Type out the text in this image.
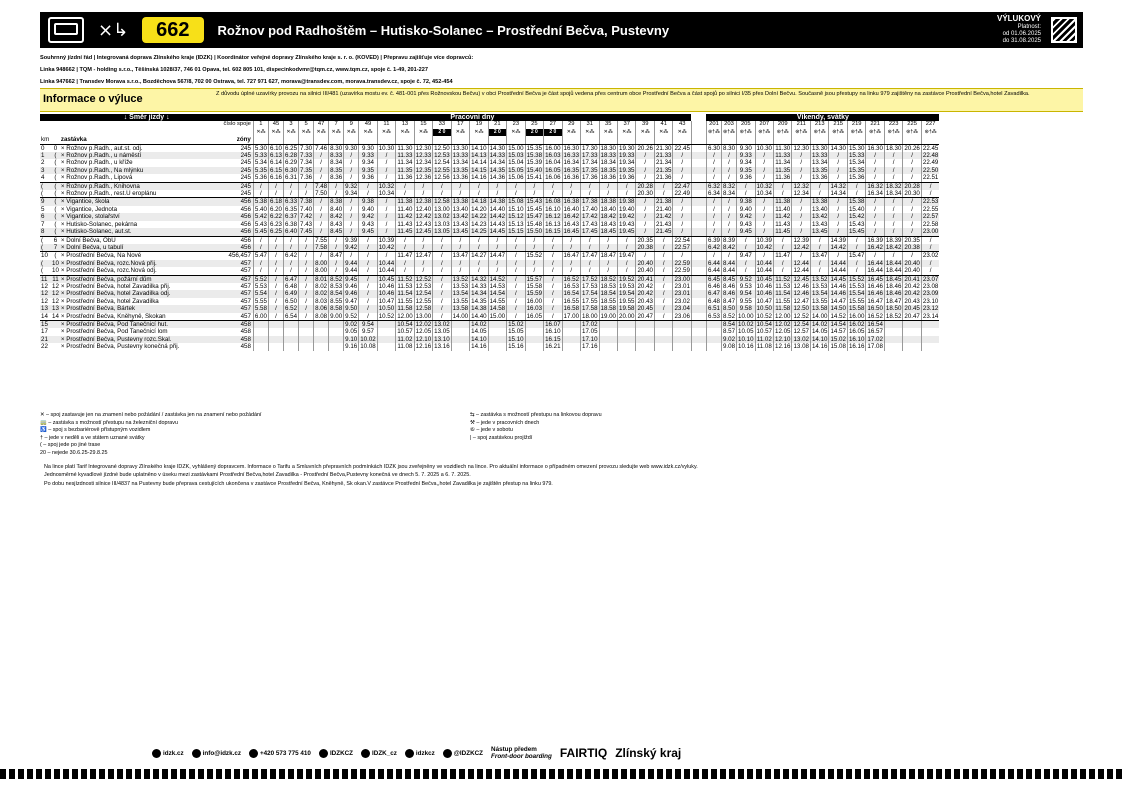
⨯↳	662	Rožnov pod Radhoštěm – Hutisko-Solanec – Prostřední Bečva, Pustevny
VÝLUKOVÝ
Platnost:
od 01.06.2025
do 31.08.2025
Souhrnný jízdní řád | Integrovaná doprava Zlínského kraje (IDZK) | Koordinátor veřejné dopravy Zlínského kraje s. r. o. (KOVED) | Přepravu zajišťuje více dopravců:
Linka 948662 | TQM - holding s.r.o., Těšínská 1028/37, 746 01 Opava, tel. 602 805 101, dispecinkodvmr@tqm.cz, www.tqm.cz, spoje č. 1-49, 201-227
Linka 947662 | Transdev Morava s.r.o., Bozděchova 567/8, 702 00 Ostrava, tel. 727 971 627, morava@transdev.com, morava.transdev.cz, spoje č. 72, 452-454
Informace o výluce	Z důvodu úplné uzavírky provozu na silnici III/481 (uzavírka mostu ev. č. 481-001 přes Rožnovskou Bečvu) v obci Prostřední Bečva je část spojů vedena přes centrum obce Prostřední Bečva a část spojů po silnici I/35 přes Dolní Bečvu. Současně jsou přestupy na linku 979 zajištěny na zastávce Prostřední Bečva,hotel Zavadilka.
↓ Směr jízdy ↓				Pracovní dny																										Víkendy, svátky												
			číslo spoje	1	45	3	5	47	7	9	49	11	13	15	33	17	19	21	23	25	27	29	31	35	37	39	41	43		201	203	205	207	209	211	213	215	219	221	223	225	227
				✕⁂	✕⁂	✕⁂	✕⁂	✕⁂	✕⁂	✕⁂	✕⁂	✕⁂	✕⁂	✕⁂	2 0	✕⁂	✕⁂	2 0	✕⁂	2 0	2 0	✕⁂	✕⁂	✕⁂	✕⁂	✕⁂	✕⁂	✕⁂		⊛†⁂	⊛†⁂	⊛†⁂	⊛†⁂	⊛†⁂	⊛†⁂	⊛†⁂	⊛†⁂	⊛†⁂	⊛†⁂	⊛†⁂	⊛†⁂	⊛†⁂
km		zastávka	zóny																																							
0	0	× Rožnov p.Radh., aut.st. odj.	245	5.30	6.10	6.25	7.30	7.46	8.30	9.30	9.30	10.30	11.30	12.30	12.50	13.30	14.10	14.30	15.00	15.35	16.00	16.30	17.30	18.30	19.30	20.26	21.30	22.45		6.30	8.30	9.30	10.30	11.30	12.30	13.30	14.30	15.30	16.30	18.30	20.26	22.45
1	(	× Rožnov p.Radh., u náměstí	245	5.33	6.13	6.28	7.33	/	8.33	/	9.33	/	11.33	12.33	12.53	13.33	14.13	14.33	15.03	15.38	16.03	16.33	17.33	18.33	19.33	/	21.33	/		/	/	9.33	/	11.33	/	13.33	/	15.33	/	/	/	22.48
2	(	× Rožnov p.Radh., u kříže	245	5.34	6.14	6.29	7.34	/	8.34	/	9.34	/	11.34	12.34	12.54	13.34	14.14	14.34	15.04	15.39	16.04	16.34	17.34	18.34	19.34	/	21.34	/		/	/	9.34	/	11.34	/	13.34	/	15.34	/	/	/	22.49
3	(	× Rožnov p.Radh., Na mlýnku	245	5.35	6.15	6.30	7.35	/	8.35	/	9.35	/	11.35	12.35	12.55	13.35	14.15	14.35	15.05	15.40	16.05	16.35	17.35	18.35	19.35	/	21.35	/		/	/	9.35	/	11.35	/	13.35	/	15.35	/	/	/	22.50
4	(	× Rožnov p.Radh., Lipová	245	5.36	6.16	6.31	7.36	/	8.36	/	9.36	/	11.36	12.36	12.56	13.36	14.16	14.36	15.06	15.41	16.06	16.36	17.36	18.36	19.36	/	21.36	/		/	/	9.36	/	11.36	/	13.36	/	15.36	/	/	/	22.51
(	(	× Rožnov p.Radh., Knihovna	245	/	/	/	/	7.48	/	9.32	/	10.32	/	/	/	/	/	/	/	/	/	/	/	/	/	20.28	/	22.47		6.32	8.32	/	10.32	/	12.32	/	14.32	/	16.32	18.32	20.28	/
(	(	× Rožnov p.Radh., rest.U eroplánu	245	/	/	/	/	7.50	/	9.34	/	10.34	/	/	/	/	/	/	/	/	/	/	/	/	/	20.30	/	22.49		6.34	8.34	/	10.34	/	12.34	/	14.34	/	16.34	18.34	20.30	/
9	(	× Vigantice, škola	456	5.38	6.18	6.33	7.38	/	8.38	/	9.38	/	11.38	12.38	12.58	13.38	14.18	14.38	15.08	15.43	16.08	16.38	17.38	18.38	19.38	/	21.38	/		/	/	9.38	/	11.38	/	13.38	/	15.38	/	/	/	22.53
5	(	× Vigantice, Jednota	456	5.40	6.20	6.35	7.40	/	8.40	/	9.40	/	11.40	12.40	13.00	13.40	14.20	14.40	15.10	15.45	16.10	16.40	17.40	18.40	19.40	/	21.40	/		/	/	9.40	/	11.40	/	13.40	/	15.40	/	/	/	22.55
6	(	× Vigantice, stolařství	456	5.42	6.22	6.37	7.42	/	8.42	/	9.42	/	11.42	12.42	13.02	13.42	14.22	14.42	15.12	15.47	16.12	16.42	17.42	18.42	19.42	/	21.42	/		/	/	9.42	/	11.42	/	13.42	/	15.42	/	/	/	22.57
7	(	× Hutisko-Solanec, pekárna	456	5.43	6.23	6.38	7.43	/	8.43	/	9.43	/	11.43	12.43	13.03	13.43	14.23	14.43	15.13	15.48	16.13	16.43	17.43	18.43	19.43	/	21.43	/		/	/	9.43	/	11.43	/	13.43	/	15.43	/	/	/	22.58
8	(	× Hutisko-Solanec, aut.st.	456	5.45	6.25	6.40	7.45	/	8.45	/	9.45	/	11.45	12.45	13.05	13.45	14.25	14.45	15.15	15.50	16.15	16.45	17.45	18.45	19.45	/	21.45	/		/	/	9.45	/	11.45	/	13.45	/	15.45	/	/	/	23.00
(	6	× Dolní Bečva, ObÚ	456	/	/	/	/	7.55	/	9.39	/	10.39	/	/	/	/	/	/	/	/	/	/	/	/	/	20.35	/	22.54		6.39	8.39	/	10.39	/	12.39	/	14.39	/	16.39	18.39	20.35	/
(	7	× Dolní Bečva, u tabulí	456	/	/	/	/	7.58	/	9.42	/	10.42	/	/	/	/	/	/	/	/	/	/	/	/	/	20.38	/	22.57		6.42	8.42	/	10.42	/	12.42	/	14.42	/	16.42	18.42	20.38	/
10	(	× Prostřední Bečva, Na Nové	456,457	5.47	/	6.42	/	/	8.47	/	/	/	11.47	12.47	/	13.47	14.27	14.47	/	15.52	/	16.47	17.47	18.47	19.47	/	/	/		/	/	9.47	/	11.47	/	13.47	/	15.47	/	/	/	23.02
(	10	× Prostřední Bečva, rozc.Nová přij.	457	/	/	/	/	8.00	/	9.44	/	10.44	/	/	/	/	/	/	/	/	/	/	/	/	/	20.40	/	22.59		6.44	8.44	/	10.44	/	12.44	/	14.44	/	16.44	18.44	20.40	/
(	10	× Prostřední Bečva, rozc.Nová odj.	457	/	/	/	/	8.00	/	9.44	/	10.44	/	/	/	/	/	/	/	/	/	/	/	/	/	20.40	/	22.59		6.44	8.44	/	10.44	/	12.44	/	14.44	/	16.44	18.44	20.40	/
11	11	× Prostřední Bečva, požární dům	457	5.52	/	6.47	/	8.01	8.52	9.45	/	10.45	11.52	12.52	/	13.52	14.32	14.52	/	15.57	/	16.52	17.52	18.52	19.52	20.41	/	23.00		6.45	8.45	9.52	10.45	11.52	12.45	13.52	14.45	15.52	16.45	18.45	20.41	23.07
12	12	× Prostřední Bečva, hotel Zavadilka přij.	457	5.53	/	6.48	/	8.02	8.53	9.46	/	10.46	11.53	12.53	/	13.53	14.33	14.53	/	15.58	/	16.53	17.53	18.53	19.53	20.42	/	23.01		6.46	8.46	9.53	10.46	11.53	12.46	13.53	14.46	15.53	16.46	18.46	20.42	23.08
12	12	× Prostřední Bečva, hotel Zavadilka odj.	457	5.54	/	6.49	/	8.02	8.54	9.46	/	10.46	11.54	12.54	/	13.54	14.34	14.54	/	15.59	/	16.54	17.54	18.54	19.54	20.42	/	23.01		6.47	8.46	9.54	10.46	11.54	12.46	13.54	14.46	15.54	16.46	18.46	20.42	23.09
12	12	× Prostřední Bečva, hotel Zavadilka	457	5.55	/	6.50	/	8.03	8.55	9.47	/	10.47	11.55	12.55	/	13.55	14.35	14.55	/	16.00	/	16.55	17.55	18.55	19.55	20.43	/	23.02		6.48	8.47	9.55	10.47	11.55	12.47	13.55	14.47	15.55	16.47	18.47	20.43	23.10
13	13	× Prostřední Bečva, Bártek	457	5.58	/	6.52	/	8.06	8.58	9.50	/	10.50	11.58	12.58	/	13.58	14.38	14.58	/	16.03	/	16.58	17.58	18.58	19.58	20.45	/	23.04		6.51	8.50	9.58	10.50	11.58	12.50	13.58	14.50	15.58	16.50	18.50	20.45	23.12
14	14	× Prostřední Bečva, Kněhyně, Skokan	457	6.00	/	6.54	/	8.08	9.00	9.52	/	10.52	12.00	13.00	/	14.00	14.40	15.00	/	16.05	/	17.00	18.00	19.00	20.00	20.47	/	23.06		6.53	8.52	10.00	10.52	12.00	12.52	14.00	14.52	16.00	16.52	18.52	20.47	23.14
15		× Prostřední Bečva, Pod Tanečnicí hut.	458							9.02	9.54		10.54	12.02	13.02		14.02		15.02		16.07		17.02								8.54	10.02	10.54	12.02	12.54	14.02	14.54	16.02	16.54			
17		× Prostřední Bečva, Pod Tanečnicí lom	458							9.05	9.57		10.57	12.05	13.05		14.05		15.05		16.10		17.05								8.57	10.05	10.57	12.05	12.57	14.05	14.57	16.05	16.57			
21		× Prostřední Bečva, Pustevny rozc.Skal.	458							9.10	10.02		11.02	12.10	13.10		14.10		15.10		16.15		17.10								9.02	10.10	11.02	12.10	13.02	14.10	15.02	16.10	17.02			
22		× Prostřední Bečva, Pustevny konečná přij.	458							9.16	10.08		11.08	12.16	13.16		14.16		15.16		16.21		17.16								9.08	10.16	11.08	12.16	13.08	14.16	15.08	16.16	17.08			
✕ – spoj zastavuje jen na znamení nebo požádání / zastávka jen na znamení nebo požádání
🚃 – zastávka s možností přestupu na železniční dopravu
♿ – spoj s bezbariérově přístupným vozidlem
† – jede v neděli a ve státem uznané svátky
( – spoj jede po jiné trase
20 – nejede 30.6.25-29.8.25
⇆ – zastávka s možností přestupu na linkovou dopravu
⚒ – jede v pracovních dnech
⑥ – jede v sobotu
| – spoj zastávkou projíždí
Na lince platí Tarif Integrované dopravy Zlínského kraje IDZK, vyhlášený dopravcem. Informace o Tarifu a Smluvních přepravních podmínkách IDZK jsou zveřejněny ve vozidlech na lince. Pro aktuální informace o případném omezení provozu sledujte web www.idzk.cz/vyluky.
Jednosměrné kyvadlové jízdné bude uplatněno v úseku mezi zastávkami Prostřední Bečva,hotel Zavadilka - Prostřední Bečva,Pustevny konečná ve dnech 5. 7. 2025 a 6. 7. 2025.
Po dobu nesjízdnosti silnice III/4837 na Pustevny bude přeprava cestujících ukončena v zastávce Prostřední Bečva, Kněhyně, Sk okan.V zastávce Prostřední Bečva,,hotel Zavadilka je zajištěn přestup na linku 979.
idzk.cz	info@idzk.cz	+420 573 775 410	IDZKCZ	IDZK_cz	idzkcz	@IDZKCZ
Nástup předem
Front-door boarding FAIRTIQ Zlínský kraj
